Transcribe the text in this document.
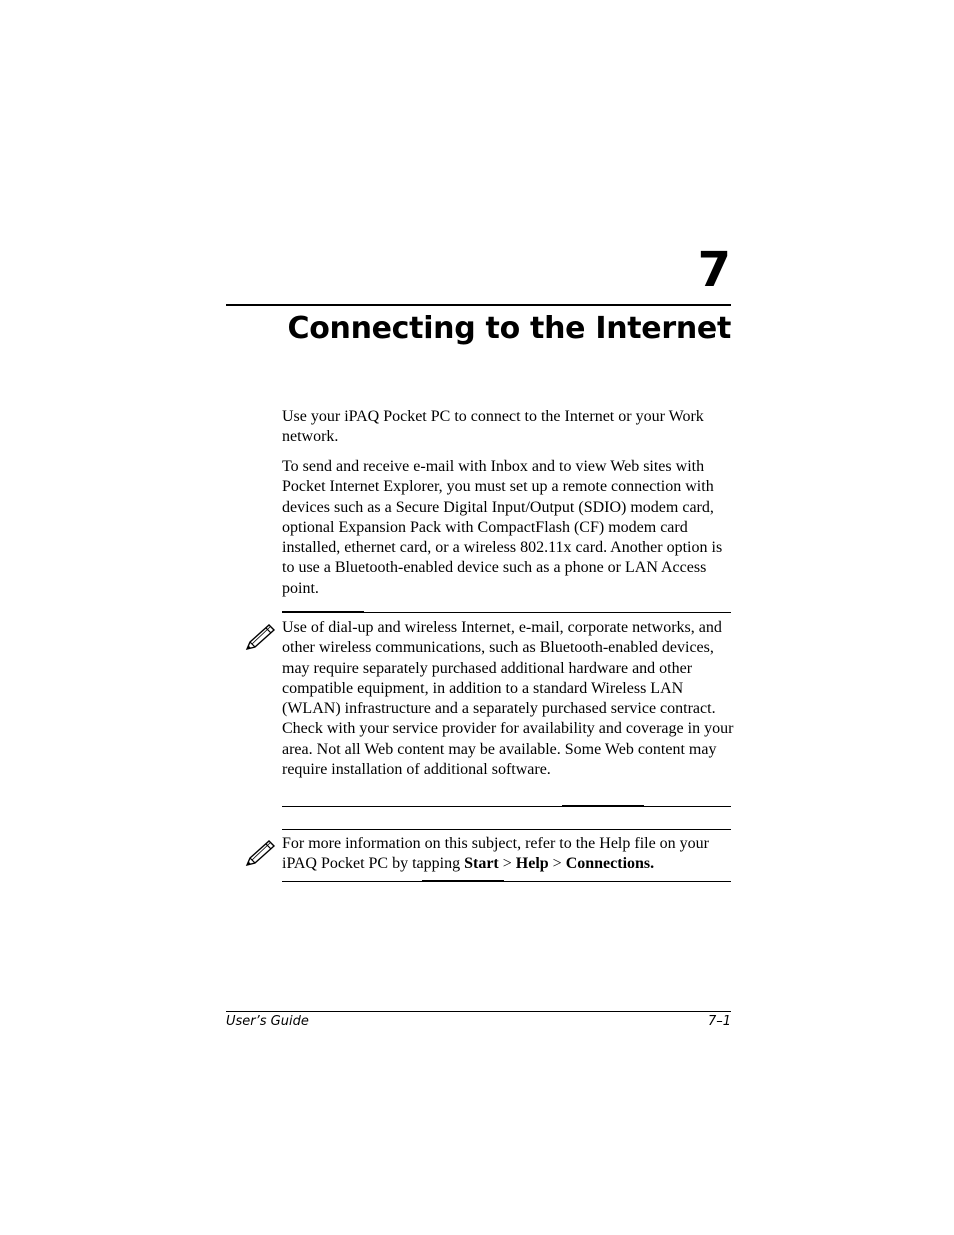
7
Connecting to the Internet

Use your iPAQ Pocket PC to connect to the Internet or your Work network.

To send and receive e-mail with Inbox and to view Web sites with Pocket Internet Explorer, you must set up a remote connection with devices such as a Secure Digital Input/Output (SDIO) modem card, optional Expansion Pack with CompactFlash (CF) modem card installed, ethernet card, or a wireless 802.11x card. Another option is to use a Bluetooth-enabled device such as a phone or LAN Access point.

Use of dial-up and wireless Internet, e-mail, corporate networks, and other wireless communications, such as Bluetooth-enabled devices, may require separately purchased additional hardware and other compatible equipment, in addition to a standard Wireless LAN (WLAN) infrastructure and a separately purchased service contract. Check with your service provider for availability and coverage in your area. Not all Web content may be available. Some Web content may require installation of additional software.
For more information on this subject, refer to the Help file on your iPAQ Pocket PC by tapping Start > Help > Connections.
User’s Guide	7–1
